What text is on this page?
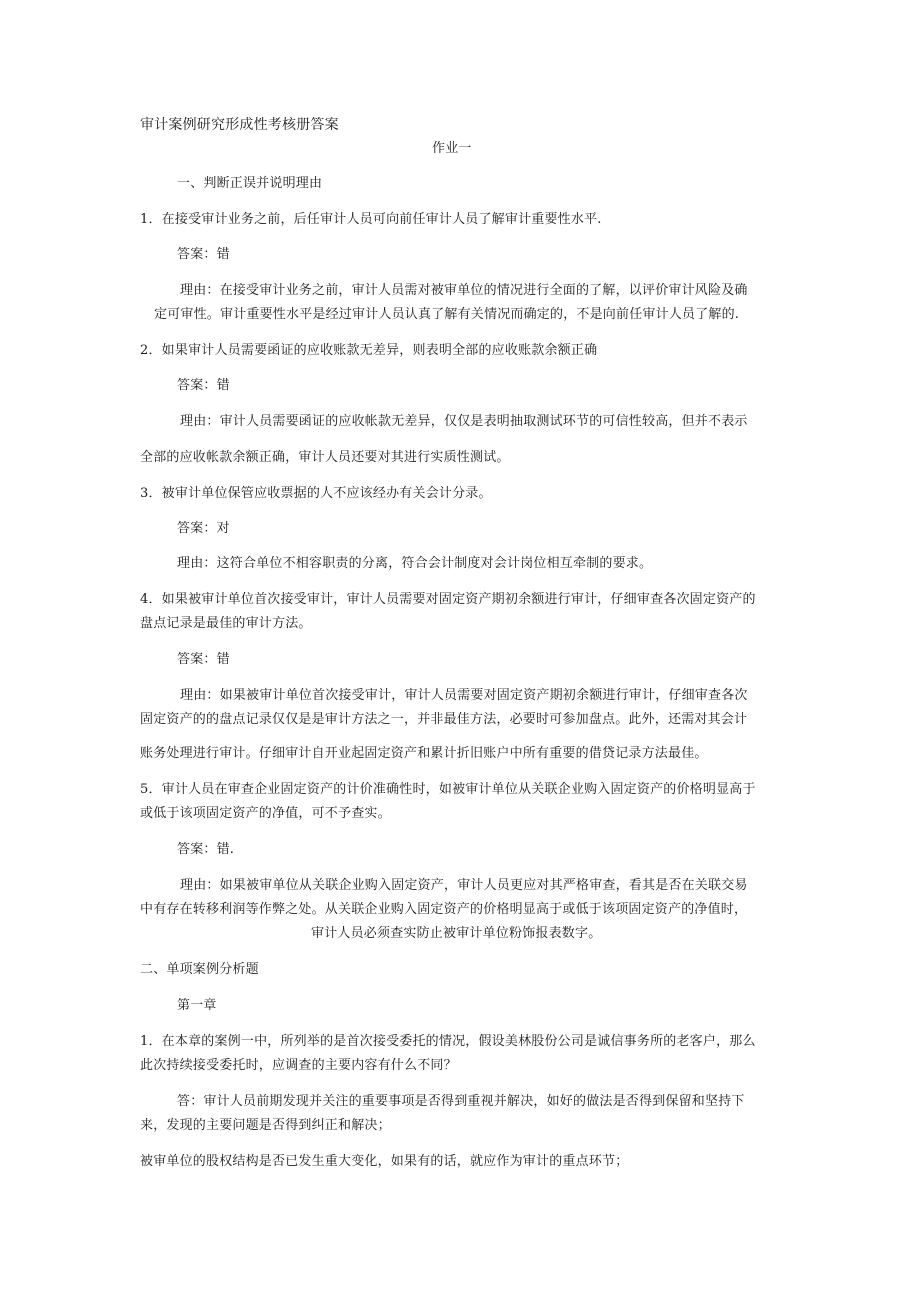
审计案例研究形成性考核册答案
作业一
一、判断正误并说明理由
1．在接受审计业务之前，后任审计人员可向前任审计人员了解审计重要性水平.
答案：错
理由：在接受审计业务之前，审计人员需对被审单位的情况进行全面的了解，以评价审计风险及确
定可审性。审计重要性水平是经过审计人员认真了解有关情况而确定的，不是向前任审计人员了解的.
2．如果审计人员需要函证的应收账款无差异，则表明全部的应收账款余额正确
答案：错
理由：审计人员需要函证的应收帐款无差异，仅仅是表明抽取测试环节的可信性较高，但并不表示
全部的应收帐款余额正确，审计人员还要对其进行实质性测试。
3．被审计单位保管应收票据的人不应该经办有关会计分录。
答案：对
理由：这符合单位不相容职责的分离，符合会计制度对会计岗位相互牵制的要求。
4．如果被审计单位首次接受审计，审计人员需要对固定资产期初余额进行审计，仔细审查各次固定资产的
盘点记录是最佳的审计方法。
答案：错
理由：如果被审计单位首次接受审计，审计人员需要对固定资产期初余额进行审计，仔细审查各次
固定资产的的盘点记录仅仅是是审计方法之一，并非最佳方法，必要时可参加盘点。此外，还需对其会计
账务处理进行审计。仔细审计自开业起固定资产和累计折旧账户中所有重要的借贷记录方法最佳。
5．审计人员在审查企业固定资产的计价准确性时，如被审计单位从关联企业购入固定资产的价格明显高于
或低于该项固定资产的净值，可不予查实。
答案：错.
理由：如果被审单位从关联企业购入固定资产，审计人员更应对其严格审查，看其是否在关联交易
中有存在转移利润等作弊之处。从关联企业购入固定资产的价格明显高于或低于该项固定资产的净值时，
审计人员必须查实防止被审计单位粉饰报表数字。
二、单项案例分析题
第一章
1．在本章的案例一中，所列举的是首次接受委托的情况，假设美林股份公司是诚信事务所的老客户，那么
此次持续接受委托时，应调查的主要内容有什么不同？
答：审计人员前期发现并关注的重要事项是否得到重视并解决，如好的做法是否得到保留和坚持下
来，发现的主要问题是否得到纠正和解决；
被审单位的股权结构是否已发生重大变化，如果有的话，就应作为审计的重点环节；
